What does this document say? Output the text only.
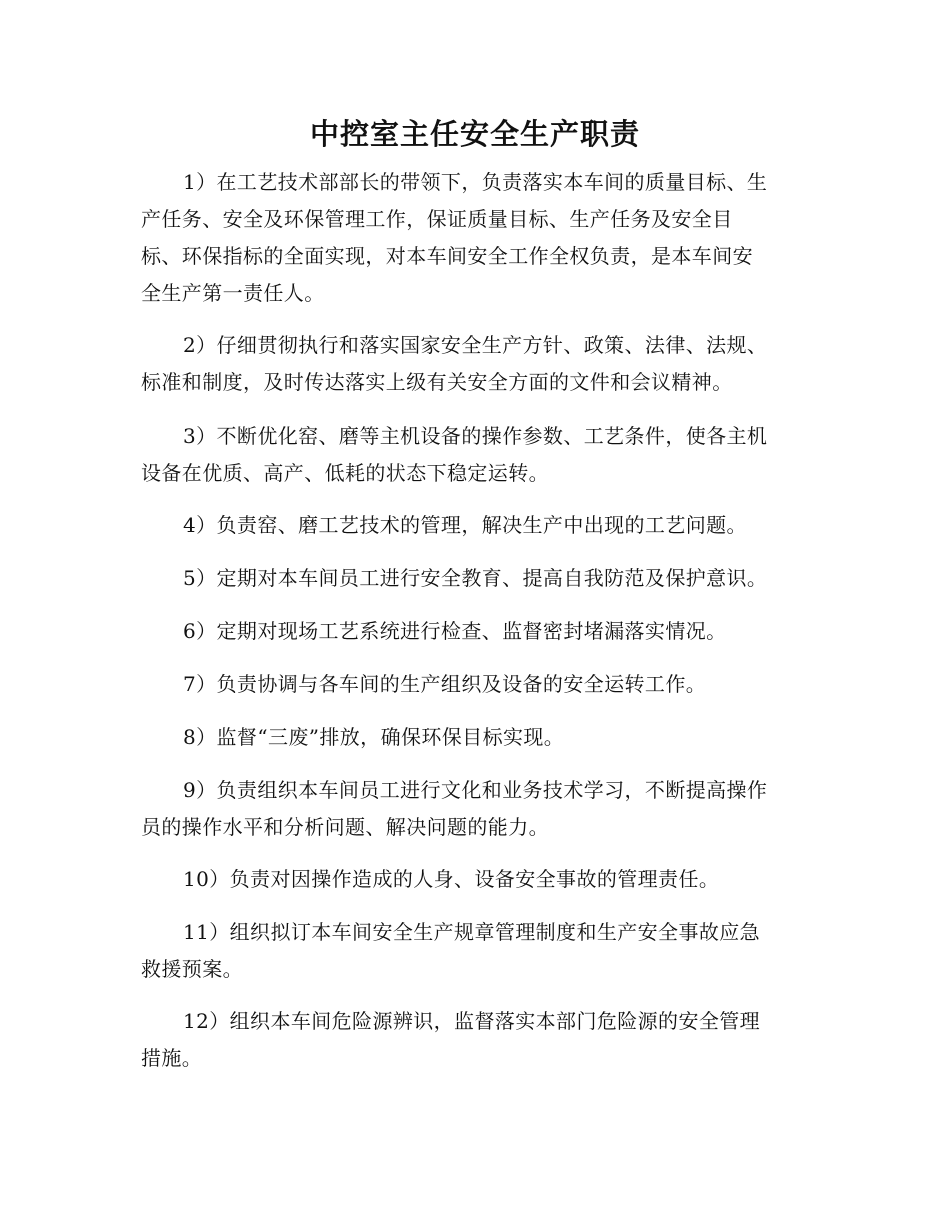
中控室主任安全生产职责

1）在工艺技术部部长的带领下，负责落实本车间的质量目标、生
产任务、安全及环保管理工作，保证质量目标、生产任务及安全目
标、环保指标的全面实现，对本车间安全工作全权负责，是本车间安
全生产第一责任人。

2）仔细贯彻执行和落实国家安全生产方针、政策、法律、法规、
标准和制度，及时传达落实上级有关安全方面的文件和会议精神。

3）不断优化窑、磨等主机设备的操作参数、工艺条件，使各主机
设备在优质、高产、低耗的状态下稳定运转。

4）负责窑、磨工艺技术的管理，解决生产中出现的工艺问题。

5）定期对本车间员工进行安全教育、提高自我防范及保护意识。

6）定期对现场工艺系统进行检查、监督密封堵漏落实情况。

7）负责协调与各车间的生产组织及设备的安全运转工作。

8）监督“三废”排放，确保环保目标实现。

9）负责组织本车间员工进行文化和业务技术学习，不断提高操作
员的操作水平和分析问题、解决问题的能力。

10）负责对因操作造成的人身、设备安全事故的管理责任。

11）组织拟订本车间安全生产规章管理制度和生产安全事故应急
救援预案。

12）组织本车间危险源辨识，监督落实本部门危险源的安全管理
措施。
